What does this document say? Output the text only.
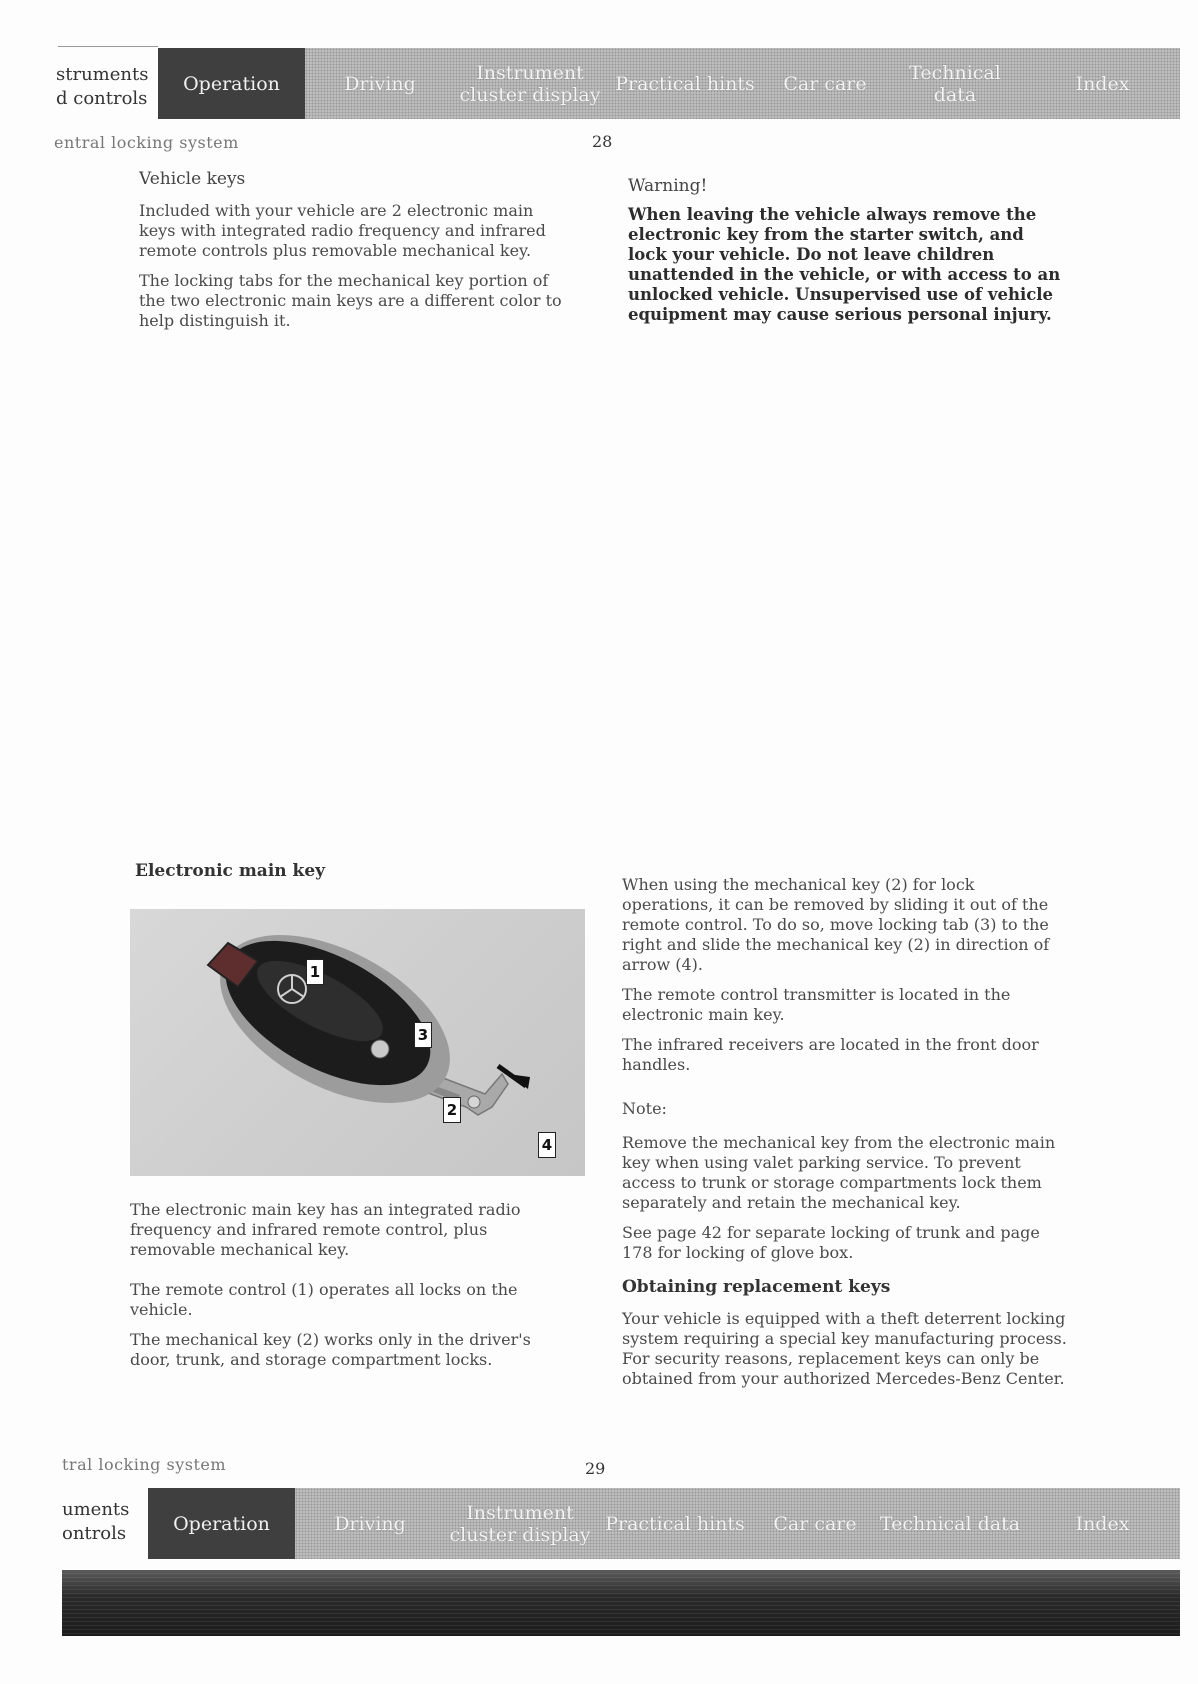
struments
d controls
Operation	Driving	Instrument cluster display Practical hints	Car care	Technical data	Index
entral locking system	28
Vehicle keys

Included with your vehicle are 2 electronic main keys with integrated radio frequency and infrared remote controls plus removable mechanical key.

The locking tabs for the mechanical key portion of the two electronic main keys are a different color to help distinguish it.

Warning!
When leaving the vehicle always remove the electronic key from the starter switch, and lock your vehicle. Do not leave children unattended in the vehicle, or with access to an unlocked vehicle. Unsupervised use of vehicle equipment may cause serious personal injury.
Electronic main key
1
2
3
4

The electronic main key has an integrated radio frequency and infrared remote control, plus removable mechanical key.

The remote control (1) operates all locks on the vehicle.

The mechanical key (2) works only in the driver's door, trunk, and storage compartment locks.

When using the mechanical key (2) for lock operations, it can be removed by sliding it out of the remote control. To do so, move locking tab (3) to the right and slide the mechanical key (2) in direction of arrow (4).

The remote control transmitter is located in the electronic main key.

The infrared receivers are located in the front door handles.

Note:

Remove the mechanical key from the electronic main key when using valet parking service. To prevent access to trunk or storage compartments lock them separately and retain the mechanical key.

See page 42 for separate locking of trunk and page 178 for locking of glove box.

Obtaining replacement keys

Your vehicle is equipped with a theft deterrent locking system requiring a special key manufacturing process. For security reasons, replacement keys can only be obtained from your authorized Mercedes-Benz Center.

tral locking system	29
uments
ontrols	Operation	Driving	Instrument cluster display Practical hints	Car care	Technical data	Index
